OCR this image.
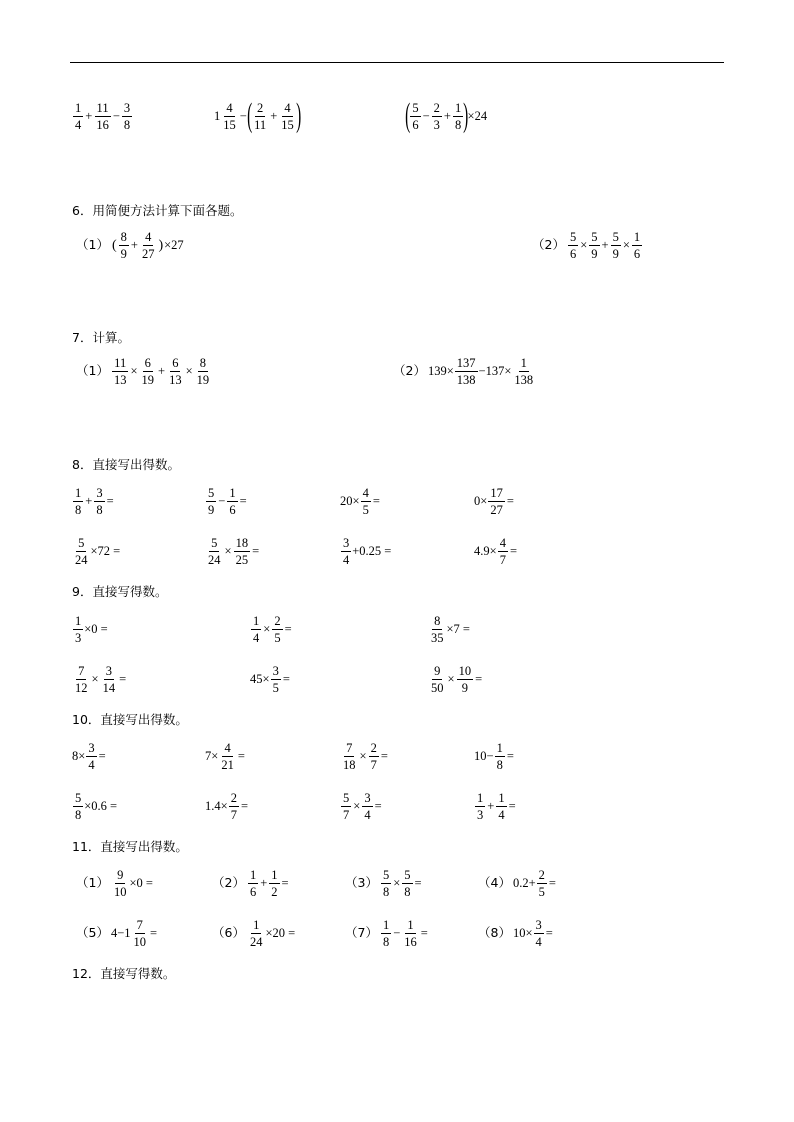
$\frac{1}{4} + \frac{11}{16} - \frac{3}{8}$	$1 \frac{4}{15}$ − ( $\frac{2}{11} + \frac{4}{15}$ )	( $\frac{5}{6} - \frac{2}{3} + \frac{1}{8}$ ) ×24
6．用简便方法计算下面各题。
（1） ( $\frac{8}{9} + \frac{4}{27}$ ) ×27	$(2) \frac{5}{6} \times \frac{5}{9} + \frac{5}{9} \times \frac{1}{6}$
7．计算。
$(1) \frac{11}{13} \times \frac{6}{19} + \frac{6}{13} \times \frac{8}{19}$	（2） $139\times \frac{137}{138} -137\times \frac{1}{138}$
8．直接写出得数。
$\frac{1}{8} + \frac{3}{8}$ =	$\frac{5}{9} - \frac{1}{6}$ =	$20\times \frac{4}{5}$ =	$0\times \frac{17}{27}$ =
$\frac{5}{24} \times 72$ =	$\frac{5}{24} \times \frac{18}{25}$ =	$\frac{3}{4} +0.25$ =	$4.9\times \frac{4}{7}$ =
9．直接写得数。
$\frac{1}{3} \times 0$ =	$\frac{1}{4} \times \frac{2}{5}$ =	$\frac{8}{35} \times 7$ =
$\frac{7}{12} \times \frac{3}{14}$ =	$45\times \frac{3}{5}$ =	$\frac{9}{50} \times \frac{10}{9}$ =
10．直接写出得数。
$8\times \frac{3}{4}$ =	$7\times \frac{4}{21}$ =	$\frac{7}{18} \times \frac{2}{7}$ =	$10- \frac{1}{8}$ =
$\frac{5}{8} \times 0.6$ =	$1.4\times \frac{2}{7}$ =	$\frac{5}{7} \times \frac{3}{4}$ =	$\frac{1}{3} + \frac{1}{4}$ =
11．直接写出得数。
$(1) \frac{9}{10} \times 0$ =	$(2) \frac{1}{6} + \frac{1}{2}$ =	$(3) \frac{5}{8} \times \frac{5}{8}$ =	（4） $0.2+ \frac{2}{5}$ =
（5） $4-1 \frac{7}{10}$ =	$(6) \frac{1}{24} \times 20$ =	$(7) \frac{1}{8} - \frac{1}{16}$ =	（8） $10\times \frac{3}{4}$ =
12．直接写得数。
